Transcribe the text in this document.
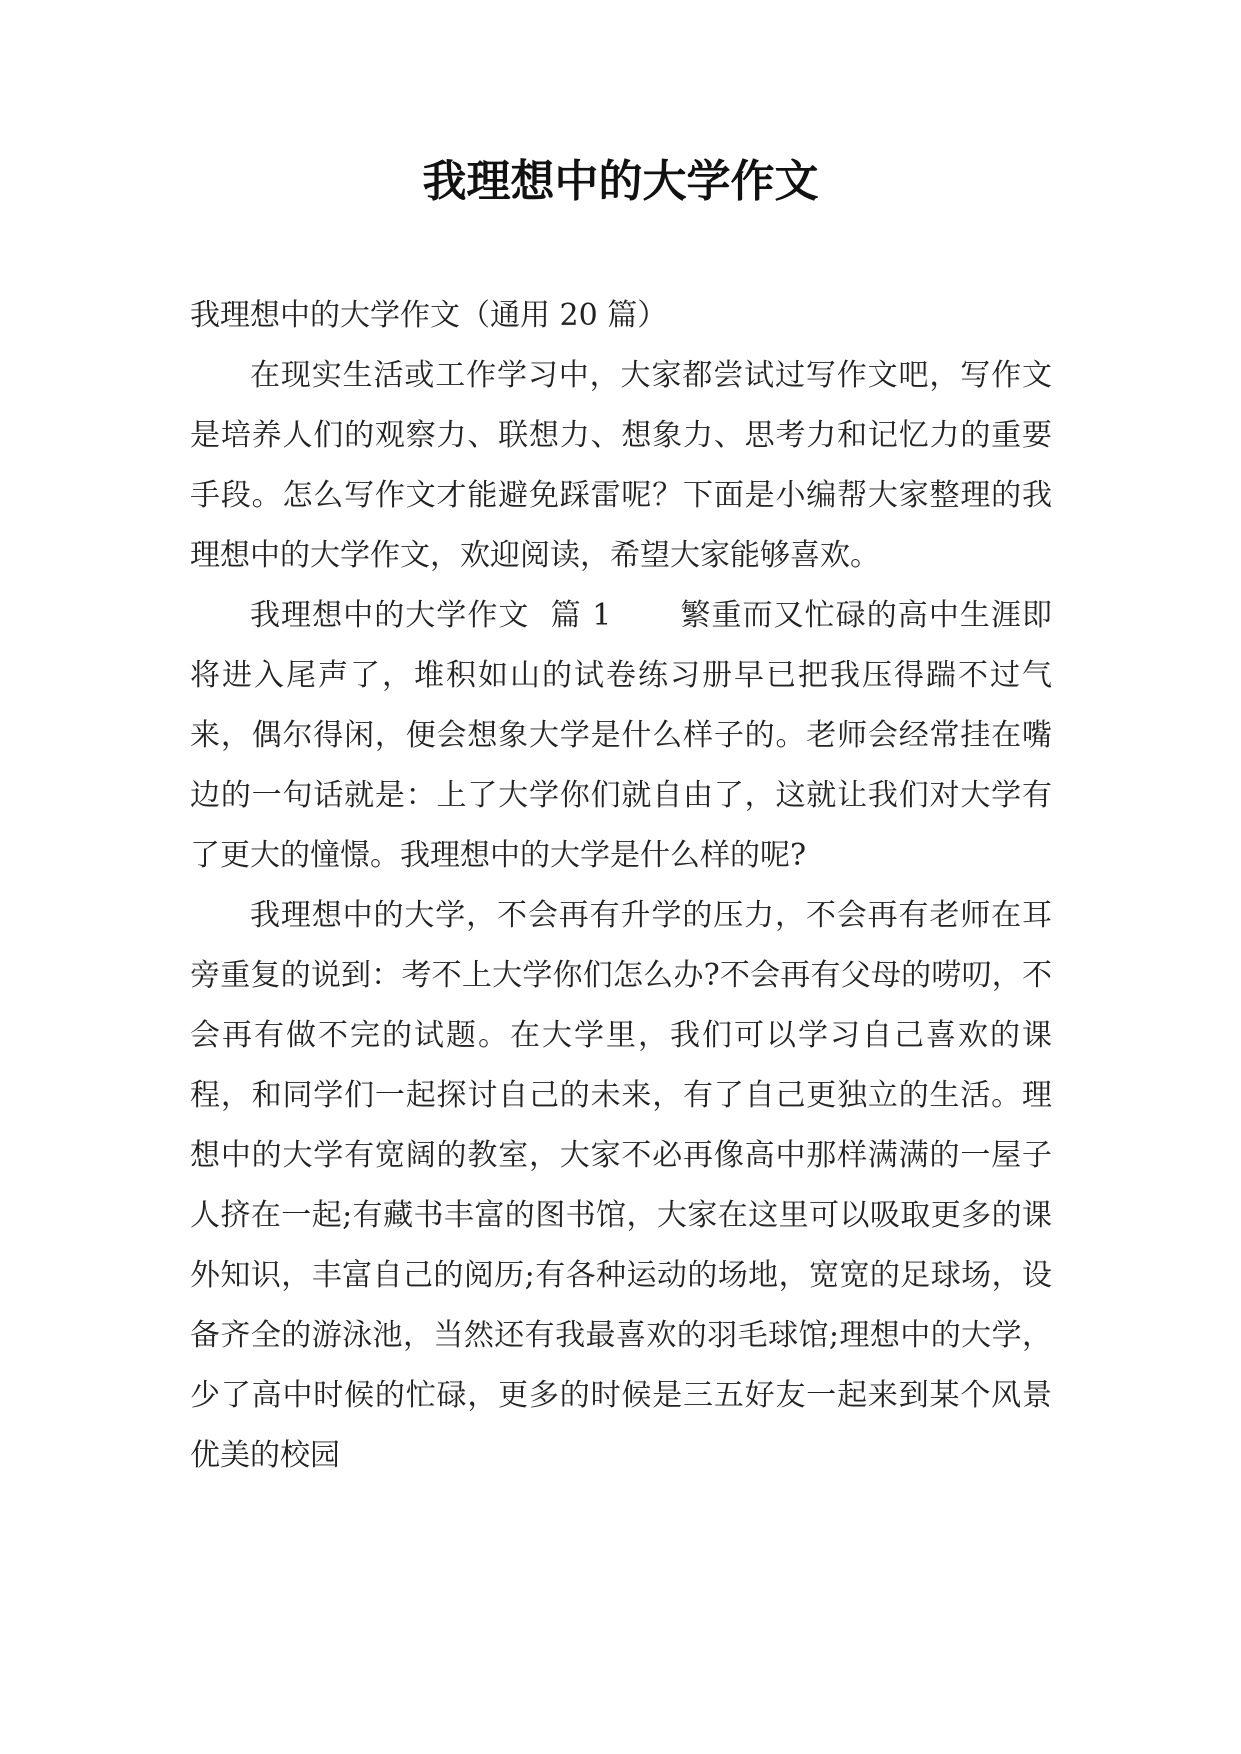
我理想中的大学作文

我理想中的大学作文（通用 20 篇）

在现实生活或工作学习中，大家都尝试过写作文吧，写作文是培养人们的观察力、联想力、想象力、思考力和记忆力的重要手段。怎么写作文才能避免踩雷呢？下面是小编帮大家整理的我理想中的大学作文，欢迎阅读，希望大家能够喜欢。

我理想中的大学作文  篇 1 繁重而又忙碌的高中生涯即将进入尾声了，堆积如山的试卷练习册早已把我压得踹不过气来，偶尔得闲，便会想象大学是什么样子的。老师会经常挂在嘴边的一句话就是：上了大学你们就自由了，这就让我们对大学有了更大的憧憬。我理想中的大学是什么样的呢?

我理想中的大学，不会再有升学的压力，不会再有老师在耳旁重复的说到：考不上大学你们怎么办?不会再有父母的唠叨，不会再有做不完的试题。在大学里，我们可以学习自己喜欢的课程，和同学们一起探讨自己的未来，有了自己更独立的生活。理想中的大学有宽阔的教室，大家不必再像高中那样满满的一屋子人挤在一起;有藏书丰富的图书馆，大家在这里可以吸取更多的课外知识，丰富自己的阅历;有各种运动的场地，宽宽的足球场，设备齐全的游泳池，当然还有我最喜欢的羽毛球馆;理想中的大学，少了高中时候的忙碌，更多的时候是三五好友一起来到某个风景优美的校园
